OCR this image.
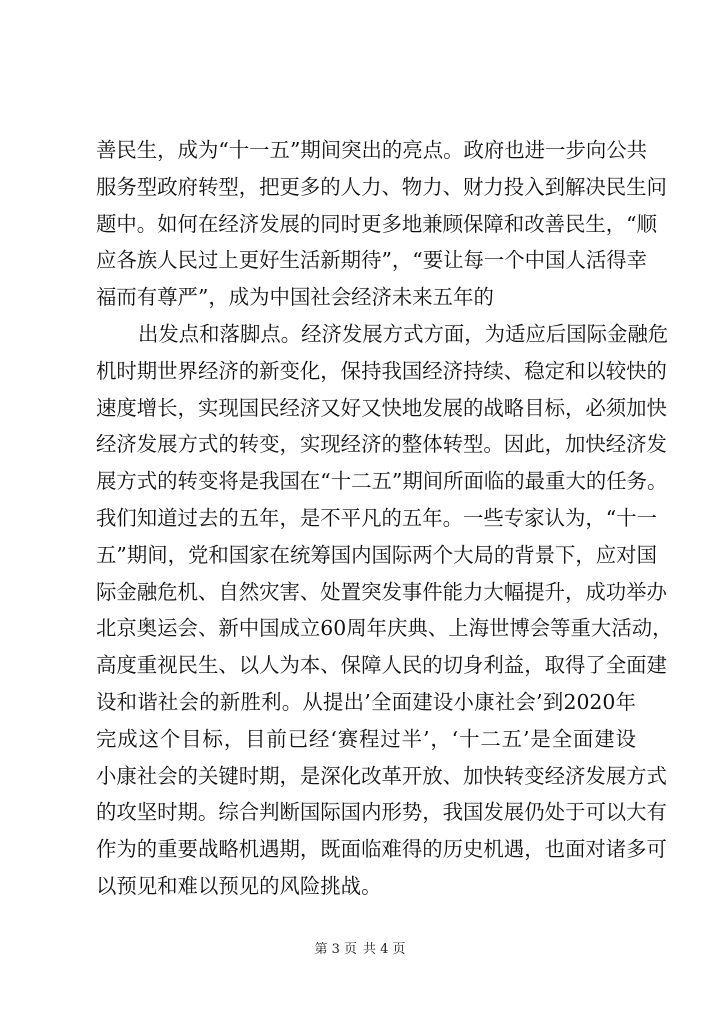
善民生，成为“十一五”期间突出的亮点。政府也进一步向公共
服务型政府转型，把更多的人力、物力、财力投入到解决民生问
题中。如何在经济发展的同时更多地兼顾保障和改善民生，“顺
应各族人民过上更好生活新期待”，“要让每一个中国人活得幸
福而有尊严”，成为中国社会经济未来五年的
出发点和落脚点。经济发展方式方面，为适应后国际金融危
机时期世界经济的新变化，保持我国经济持续、稳定和以较快的
速度增长，实现国民经济又好又快地发展的战略目标，必须加快
经济发展方式的转变，实现经济的整体转型。因此，加快经济发
展方式的转变将是我国在“十二五”期间所面临的最重大的任务。
我们知道过去的五年，是不平凡的五年。一些专家认为，“十一
五”期间，党和国家在统筹国内国际两个大局的背景下，应对国
际金融危机、自然灾害、处置突发事件能力大幅提升，成功举办
北京奥运会、新中国成立60周年庆典、上海世博会等重大活动，
高度重视民生、以人为本、保障人民的切身利益，取得了全面建
设和谐社会的新胜利。从提出’全面建设小康社会’到2020年
完成这个目标，目前已经‘赛程过半’，‘十二五’是全面建设
小康社会的关键时期，是深化改革开放、加快转变经济发展方式
的攻坚时期。综合判断国际国内形势，我国发展仍处于可以大有
作为的重要战略机遇期，既面临难得的历史机遇，也面对诸多可
以预见和难以预见的风险挑战。
第 3 页 共 4 页
